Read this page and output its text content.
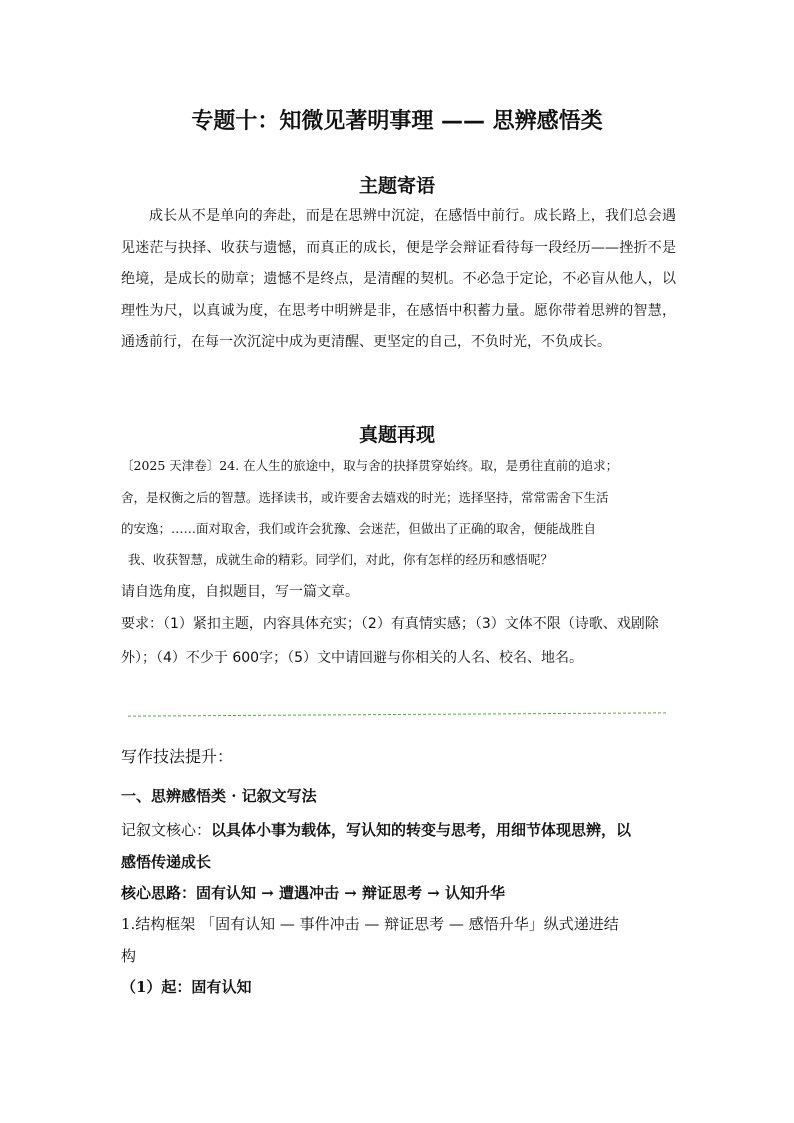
专题十：知微见著明事理 —— 思辨感悟类
主题寄语
成长从不是单向的奔赴，而是在思辨中沉淀，在感悟中前行。成长路上，我们总会遇见迷茫与抉择、收获与遗憾，而真正的成长，便是学会辩证看待每一段经历——挫折不是绝境，是成长的勋章；遗憾不是终点，是清醒的契机。不必急于定论，不必盲从他人，以理性为尺，以真诚为度，在思考中明辨是非，在感悟中积蓄力量。愿你带着思辨的智慧，通透前行，在每一次沉淀中成为更清醒、更坚定的自己，不负时光，不负成长。
真题再现
〔2025 天津卷〕24. 在人生的旅途中，取与舍的抉择贯穿始终。取，是勇往直前的追求；
舍，是权衡之后的智慧。选择读书，或许要舍去嬉戏的时光；选择坚持，常常需舍下生活
的安逸；……面对取舍，我们或许会犹豫、会迷茫，但做出了正确的取舍，便能战胜自
我、收获智慧，成就生命的精彩。同学们，对此，你有怎样的经历和感悟呢？
请自选角度，自拟题目，写一篇文章。
要求：（1）紧扣主题，内容具体充实；（2）有真情实感；（3）文体不限（诗歌、戏剧除
外）；（4）不少于 600字；（5）文中请回避与你相关的人名、校名、地名。
写作技法提升：
一、思辨感悟类 · 记叙文写法
记叙文核心：以具体小事为载体，写认知的转变与思考，用细节体现思辨，以
感悟传递成长
核心思路：固有认知 → 遭遇冲击 → 辩证思考 → 认知升华
1.结构框架 「固有认知 — 事件冲击 — 辩证思考 — 感悟升华」纵式递进结
构
（1）起：固有认知
